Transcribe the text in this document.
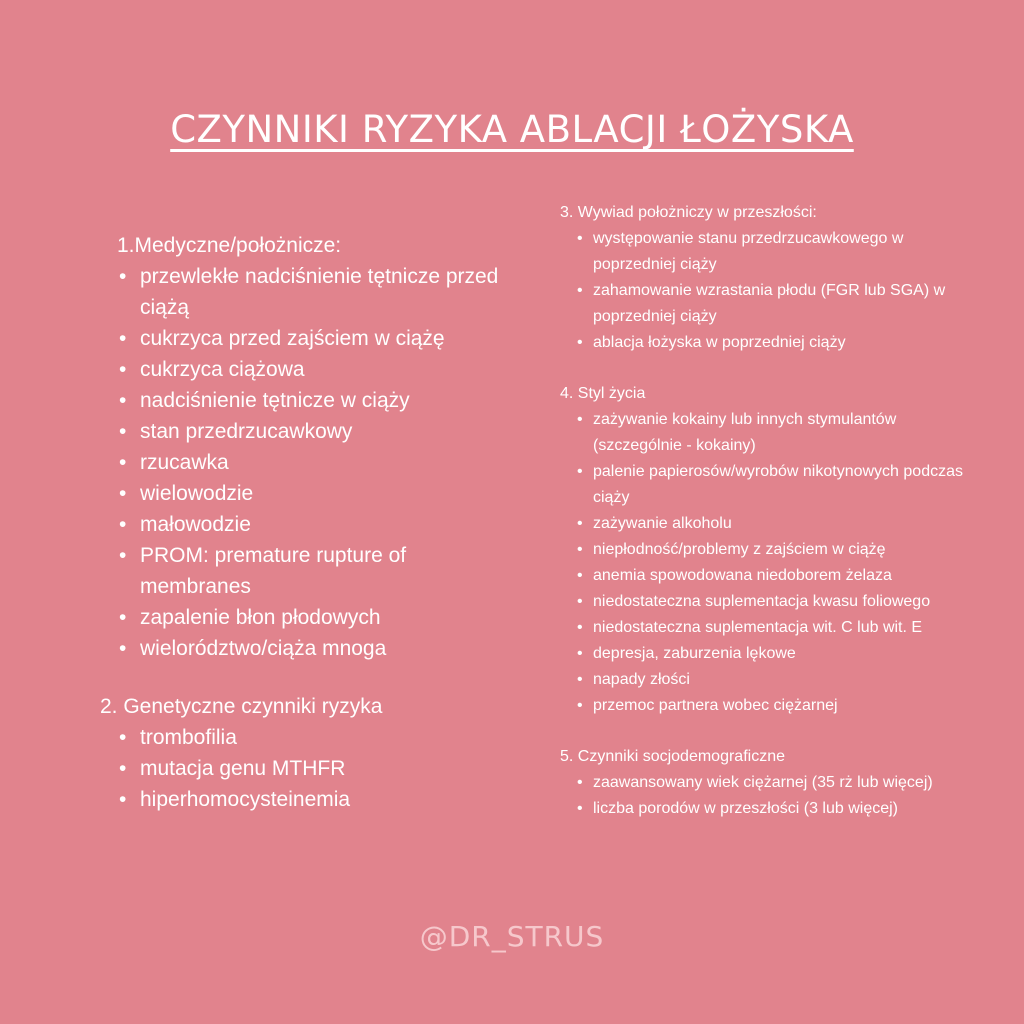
CZYNNIKI RYZYKA ABLACJI ŁOŻYSKA

1.Medyczne/położnicze:

• przewlekłe nadciśnienie tętnicze przed ciążą
• cukrzyca przed zajściem w ciążę
• cukrzyca ciążowa
• nadciśnienie tętnicze w ciąży
• stan przedrzucawkowy
• rzucawka
• wielowodzie
• małowodzie
• PROM: premature rupture of membranes
• zapalenie błon płodowych
• wielorództwo/ciąża mnoga

2. Genetyczne czynniki ryzyka

• trombofilia
• mutacja genu MTHFR
• hiperhomocysteinemia

3. Wywiad położniczy w przeszłości:

• występowanie stanu przedrzucawkowego w poprzedniej ciąży
• zahamowanie wzrastania płodu (FGR lub SGA) w poprzedniej ciąży
• ablacja łożyska w poprzedniej ciąży

4. Styl życia

• zażywanie kokainy lub innych stymulantów (szczególnie - kokainy)
• palenie papierosów/wyrobów nikotynowych podczas ciąży
• zażywanie alkoholu
• niepłodność/problemy z zajściem w ciążę
• anemia spowodowana niedoborem żelaza
• niedostateczna suplementacja kwasu foliowego
• niedostateczna suplementacja wit. C lub wit. E
• depresja, zaburzenia lękowe
• napady złości
• przemoc partnera wobec ciężarnej

5. Czynniki socjodemograficzne

• zaawansowany wiek ciężarnej (35 rż lub więcej)
• liczba porodów w przeszłości (3 lub więcej)
@DR_STRUS
